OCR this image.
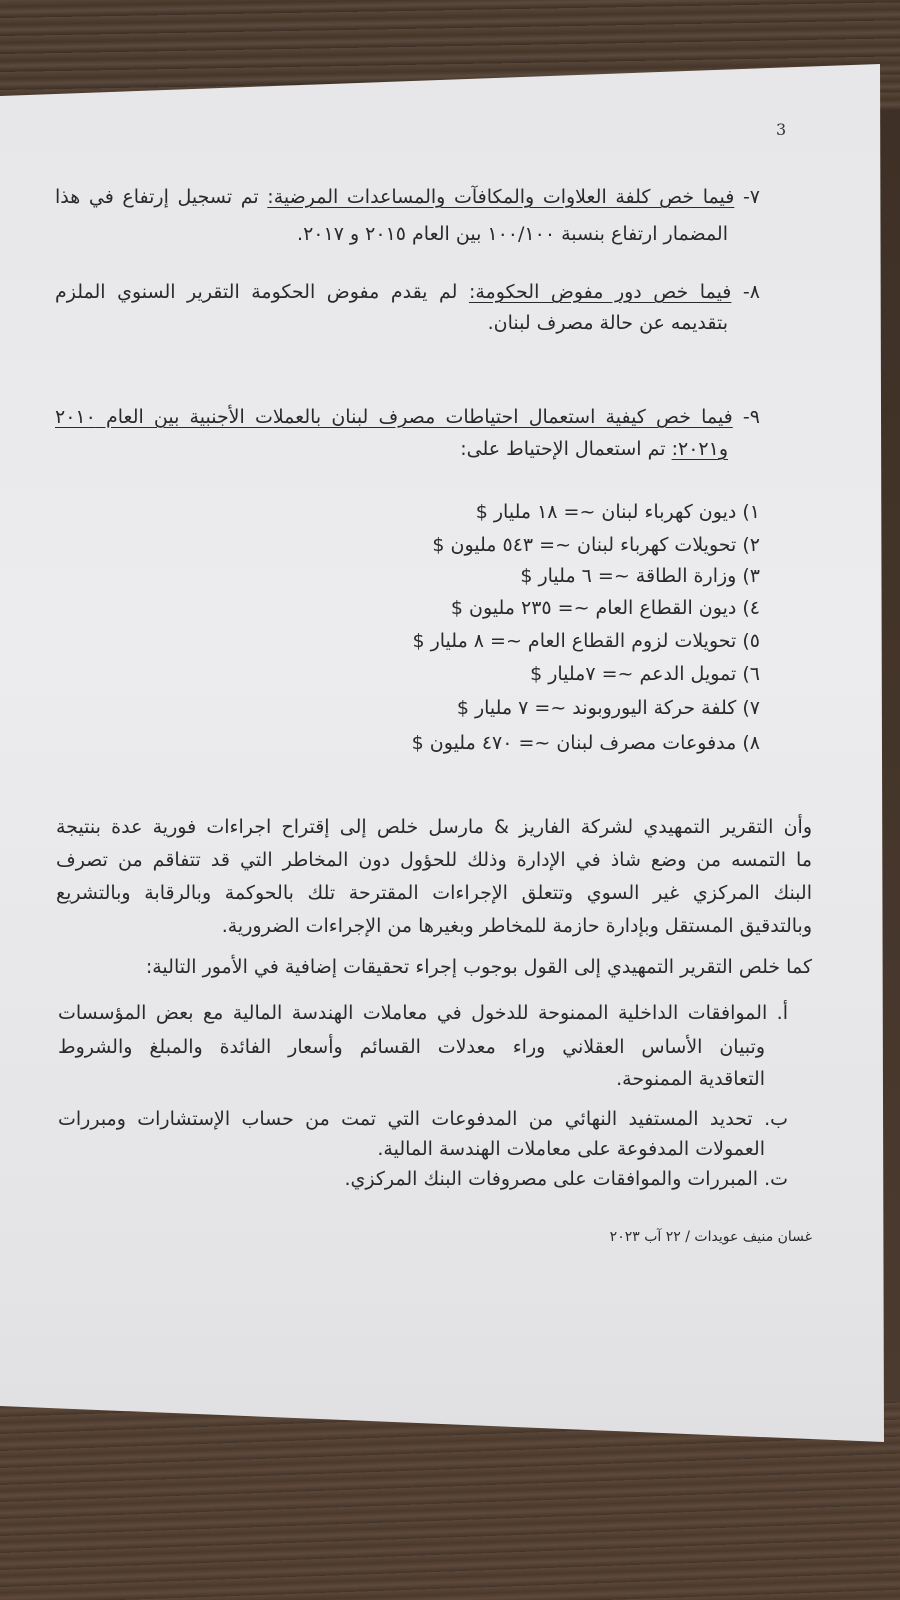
3
٧- فيما خص كلفة العلاوات والمكافآت والمساعدات المرضية: تم تسجيل إرتفاع في هذا
المضمار ارتفاع بنسبة ١٠٠/١٠٠ بين العام ٢٠١٥ و ٢٠١٧.
٨- فيما خص دور مفوض الحكومة: لم يقدم مفوض الحكومة التقرير السنوي الملزم
بتقديمه عن حالة مصرف لبنان.
٩- فيما خص كيفية استعمال احتياطات مصرف لبنان بالعملات الأجنبية بين العام ٢٠١٠
و٢٠٢١: تم استعمال الإحتياط على:
١) ديون كهرباء لبنان ~= ١٨ مليار $
٢) تحويلات كهرباء لبنان ~= ٥٤٣ مليون $
٣) وزارة الطاقة ~= ٦ مليار $
٤) ديون القطاع العام ~= ٢٣٥ مليون $
٥) تحويلات لزوم القطاع العام ~= ٨ مليار $
٦) تمويل الدعم ~= ٧مليار $
٧) كلفة حركة اليوروبوند ~= ٧ مليار $
٨) مدفوعات مصرف لبنان ~= ٤٧٠ مليون $
وأن التقرير التمهيدي لشركة الفاريز & مارسل خلص إلى إقتراح اجراءات فورية عدة بنتيجة
ما التمسه من وضع شاذ في الإدارة وذلك للحؤول دون المخاطر التي قد تتفاقم من تصرف
البنك المركزي غير السوي وتتعلق الإجراءات المقترحة تلك بالحوكمة وبالرقابة وبالتشريع
وبالتدقيق المستقل وبإدارة حازمة للمخاطر وبغيرها من الإجراءات الضرورية.
كما خلص التقرير التمهيدي إلى القول بوجوب إجراء تحقيقات إضافية في الأمور التالية:
أ. الموافقات الداخلية الممنوحة للدخول في معاملات الهندسة المالية مع بعض المؤسسات
وتبيان الأساس العقلاني وراء معدلات القسائم وأسعار الفائدة والمبلغ والشروط
التعاقدية الممنوحة.
ب. تحديد المستفيد النهائي من المدفوعات التي تمت من حساب الإستشارات ومبررات
العمولات المدفوعة على معاملات الهندسة المالية.
ت. المبررات والموافقات على مصروفات البنك المركزي.
غسان منيف عويدات / ٢٢ آب ٢٠٢٣
